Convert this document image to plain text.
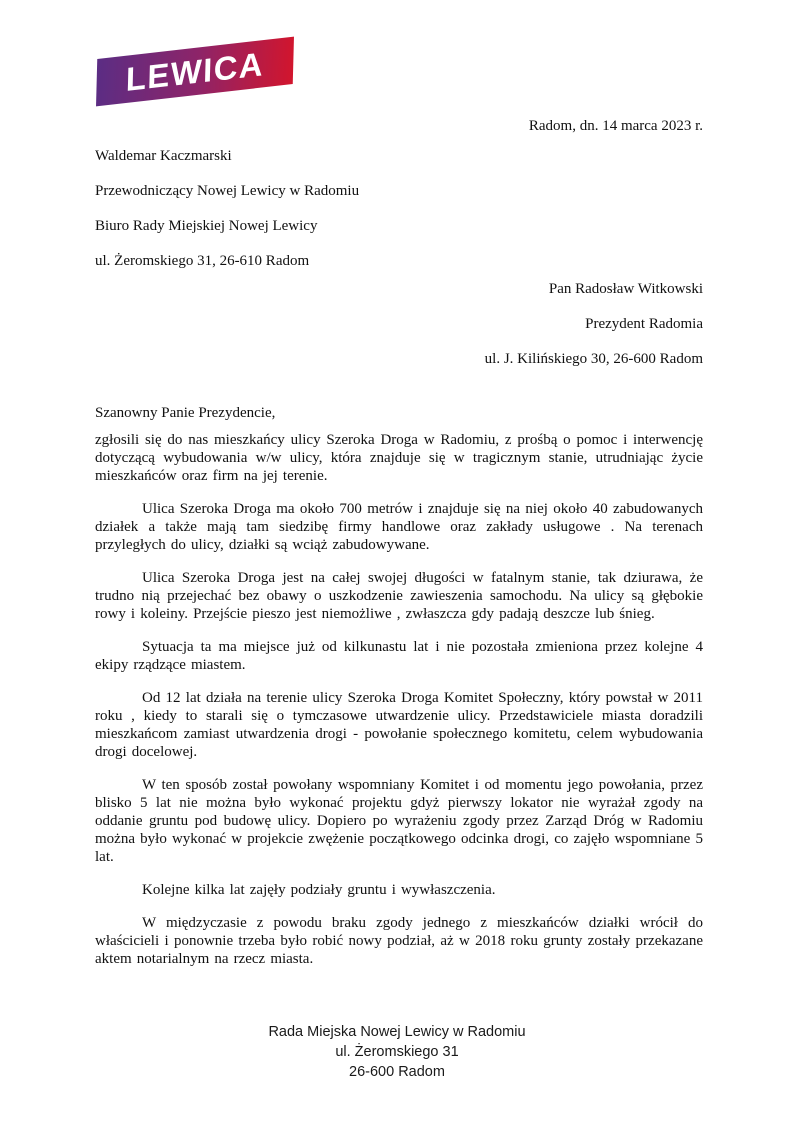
LEWICA

Radom, dn. 14 marca 2023 r.

Waldemar Kaczmarski

Przewodniczący Nowej Lewicy w Radomiu

Biuro Rady Miejskiej Nowej Lewicy

ul. Żeromskiego 31, 26-610 Radom

Pan Radosław Witkowski

Prezydent Radomia

ul. J. Kilińskiego 30, 26-600 Radom

Szanowny Panie Prezydencie,

zgłosili się do nas mieszkańcy ulicy Szeroka Droga w Radomiu, z prośbą o pomoc i interwencję dotyczącą wybudowania w/w ulicy, która znajduje się w tragicznym stanie, utrudniając życie mieszkańców oraz firm na jej terenie.

Ulica Szeroka Droga ma około 700 metrów i znajduje się na niej około 40 zabudowanych działek a także mają tam siedzibę firmy handlowe oraz zakłady usługowe . Na terenach przyległych do ulicy, działki są wciąż zabudowywane.

Ulica Szeroka Droga jest na całej swojej długości w fatalnym stanie, tak dziurawa, że trudno nią przejechać bez obawy o uszkodzenie zawieszenia samochodu. Na ulicy są głębokie rowy i koleiny. Przejście pieszo jest niemożliwe , zwłaszcza gdy padają deszcze lub śnieg.

Sytuacja ta ma miejsce już od kilkunastu lat i nie pozostała zmieniona przez kolejne 4 ekipy rządzące miastem.

Od 12 lat działa na terenie ulicy Szeroka Droga Komitet Społeczny, który powstał w 2011 roku , kiedy to starali się o tymczasowe utwardzenie ulicy. Przedstawiciele miasta doradzili mieszkańcom zamiast utwardzenia drogi - powołanie społecznego komitetu, celem wybudowania drogi docelowej.

W ten sposób został powołany wspomniany Komitet i od momentu jego powołania, przez blisko 5 lat nie można było wykonać projektu gdyż pierwszy lokator nie wyrażał zgody na oddanie gruntu pod budowę ulicy. Dopiero po wyrażeniu zgody przez Zarząd Dróg w Radomiu można było wykonać w projekcie zwężenie początkowego odcinka drogi, co zajęło wspomniane 5 lat.

Kolejne kilka lat zajęły podziały gruntu i wywłaszczenia.

W międzyczasie z powodu braku zgody jednego z mieszkańców działki wrócił do właścicieli i ponownie trzeba było robić nowy podział, aż w 2018 roku grunty zostały przekazane aktem notarialnym na rzecz miasta.

Rada Miejska Nowej Lewicy w Radomiu

ul. Żeromskiego 31

26-600 Radom
